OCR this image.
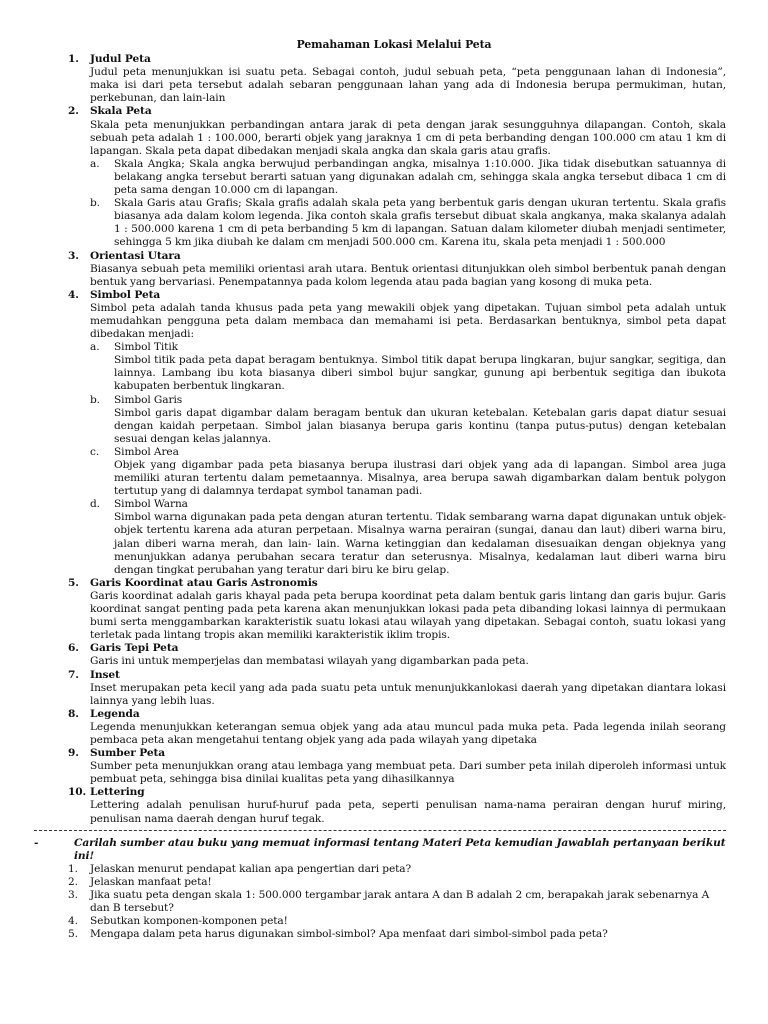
Pemahaman Lokasi Melalui Peta
1. Judul Peta
Judul peta menunjukkan isi suatu peta. Sebagai contoh, judul sebuah peta, “peta penggunaan lahan di Indonesia”, maka isi dari peta tersebut adalah sebaran penggunaan lahan yang ada di Indonesia berupa permukiman, hutan, perkebunan, dan lain-lain
2. Skala Peta
Skala peta menunjukkan perbandingan antara jarak di peta dengan jarak sesungguhnya dilapangan. Contoh, skala sebuah peta adalah 1 : 100.000, berarti objek yang jaraknya 1 cm di peta berbanding dengan 100.000 cm atau 1 km di lapangan. Skala peta dapat dibedakan menjadi skala angka dan skala garis atau grafis.
a. Skala Angka; Skala angka berwujud perbandingan angka, misalnya 1:10.000. Jika tidak disebutkan satuannya di belakang angka tersebut berarti satuan yang digunakan adalah cm, sehingga skala angka tersebut dibaca 1 cm di peta sama dengan 10.000 cm di lapangan.
b. Skala Garis atau Grafis; Skala grafis adalah skala peta yang berbentuk garis dengan ukuran tertentu. Skala grafis biasanya ada dalam kolom legenda. Jika contoh skala grafis tersebut dibuat skala angkanya, maka skalanya adalah 1 : 500.000 karena 1 cm di peta berbanding 5 km di lapangan. Satuan dalam kilometer diubah menjadi sentimeter, sehingga 5 km jika diubah ke dalam cm menjadi 500.000 cm. Karena itu, skala peta menjadi 1 : 500.000
3. Orientasi Utara
Biasanya sebuah peta memiliki orientasi arah utara. Bentuk orientasi ditunjukkan oleh simbol berbentuk panah dengan bentuk yang bervariasi. Penempatannya pada kolom legenda atau pada bagian yang kosong di muka peta.
4. Simbol Peta
Simbol peta adalah tanda khusus pada peta yang mewakili objek yang dipetakan. Tujuan simbol peta adalah untuk memudahkan pengguna peta dalam membaca dan memahami isi peta. Berdasarkan bentuknya, simbol peta dapat dibedakan menjadi:
a. Simbol Titik
Simbol titik pada peta dapat beragam bentuknya. Simbol titik dapat berupa lingkaran, bujur sangkar, segitiga, dan lainnya. Lambang ibu kota biasanya diberi simbol bujur sangkar, gunung api berbentuk segitiga dan ibukota kabupaten berbentuk lingkaran.
b. Simbol Garis
Simbol garis dapat digambar dalam beragam bentuk dan ukuran ketebalan. Ketebalan garis dapat diatur sesuai dengan kaidah perpetaan. Simbol jalan biasanya berupa garis kontinu (tanpa putus-putus) dengan ketebalan sesuai dengan kelas jalannya.
c. Simbol Area
Objek yang digambar pada peta biasanya berupa ilustrasi dari objek yang ada di lapangan. Simbol area juga memiliki aturan tertentu dalam pemetaannya. Misalnya, area berupa sawah digambarkan dalam bentuk polygon tertutup yang di dalamnya terdapat symbol tanaman padi.
d. Simbol Warna
Simbol warna digunakan pada peta dengan aturan tertentu. Tidak sembarang warna dapat digunakan untuk objek-objek tertentu karena ada aturan perpetaan. Misalnya warna perairan (sungai, danau dan laut) diberi warna biru, jalan diberi warna merah, dan lain- lain. Warna ketinggian dan kedalaman disesuaikan dengan objeknya yang menunjukkan adanya perubahan secara teratur dan seterusnya. Misalnya, kedalaman laut diberi warna biru dengan tingkat perubahan yang teratur dari biru ke biru gelap.
5. Garis Koordinat atau Garis Astronomis
Garis koordinat adalah garis khayal pada peta berupa koordinat peta dalam bentuk garis lintang dan garis bujur. Garis koordinat sangat penting pada peta karena akan menunjukkan lokasi pada peta dibanding lokasi lainnya di permukaan bumi serta menggambarkan karakteristik suatu lokasi atau wilayah yang dipetakan. Sebagai contoh, suatu lokasi yang terletak pada lintang tropis akan memiliki karakteristik iklim tropis.
6. Garis Tepi Peta
Garis ini untuk memperjelas dan membatasi wilayah yang digambarkan pada peta.
7. Inset
Inset merupakan peta kecil yang ada pada suatu peta untuk menunjukkanlokasi daerah yang dipetakan diantara lokasi lainnya yang lebih luas.
8. Legenda
Legenda menunjukkan keterangan semua objek yang ada atau muncul pada muka peta. Pada legenda inilah seorang pembaca peta akan mengetahui tentang objek yang ada pada wilayah yang dipetaka
9. Sumber Peta
Sumber peta menunjukkan orang atau lembaga yang membuat peta. Dari sumber peta inilah diperoleh informasi untuk pembuat peta, sehingga bisa dinilai kualitas peta yang dihasilkannya
10. Lettering
Lettering adalah penulisan huruf-huruf pada peta, seperti penulisan nama-nama perairan dengan huruf miring, penulisan nama daerah dengan huruf tegak.
-	Carilah sumber atau buku yang memuat informasi tentang Materi Peta kemudian Jawablah pertanyaan berikut ini!
1. Jelaskan menurut pendapat kalian apa pengertian dari peta?
2. Jelaskan manfaat peta!
3. Jika suatu peta dengan skala 1: 500.000 tergambar jarak antara A dan B adalah 2 cm, berapakah jarak sebenarnya A dan B tersebut?
4. Sebutkan komponen-komponen peta!
5. Mengapa dalam peta harus digunakan simbol-simbol? Apa menfaat dari simbol-simbol pada peta?
